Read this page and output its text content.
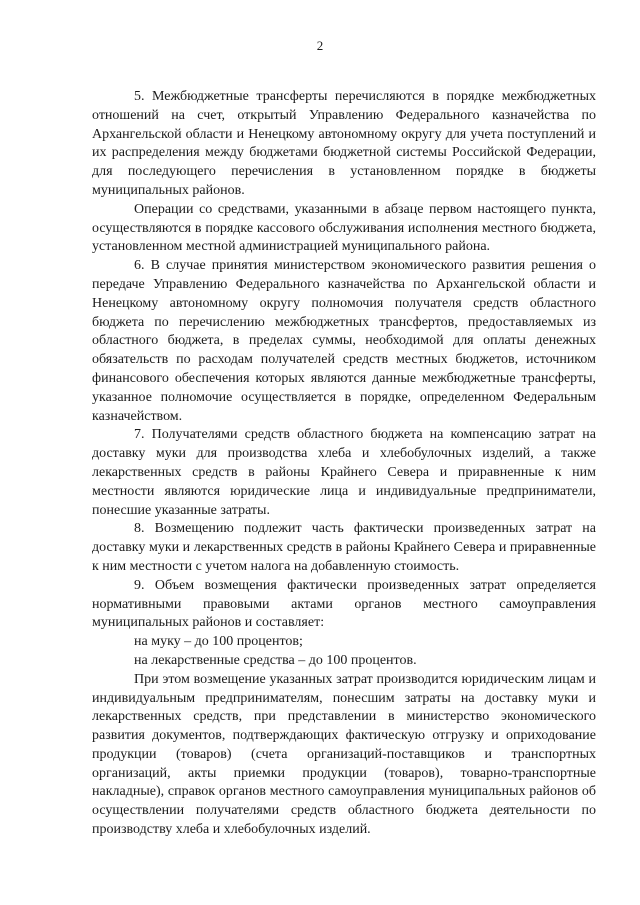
2

5. Межбюджетные трансферты перечисляются в порядке межбюджетных отношений на счет, открытый Управлению Федерального казначейства по Архангельской области и Ненецкому автономному округу для учета поступлений и их распределения между бюджетами бюджетной системы Российской Федерации, для последующего перечисления в установленном порядке в бюджеты муниципальных районов.

Операции со средствами, указанными в абзаце первом настоящего пункта, осуществляются в порядке кассового обслуживания исполнения местного бюджета, установленном местной администрацией муниципального района.

6. В случае принятия министерством экономического развития решения о передаче Управлению Федерального казначейства по Архангельской области и Ненецкому автономному округу полномочия получателя средств областного бюджета по перечислению межбюджетных трансфертов, предоставляемых из областного бюджета, в пределах суммы, необходимой для оплаты денежных обязательств по расходам получателей средств местных бюджетов, источником финансового обеспечения которых являются данные межбюджетные трансферты, указанное полномочие осуществляется в порядке, определенном Федеральным казначейством.

7. Получателями средств областного бюджета на компенсацию затрат на доставку муки для производства хлеба и хлебобулочных изделий, а также лекарственных средств в районы Крайнего Севера и приравненные к ним местности являются юридические лица и индивидуальные предприниматели, понесшие указанные затраты.

8. Возмещению подлежит часть фактически произведенных затрат на доставку муки и лекарственных средств в районы Крайнего Севера и приравненные к ним местности с учетом налога на добавленную стоимость.

9. Объем возмещения фактически произведенных затрат определяется нормативными правовыми актами органов местного самоуправления муниципальных районов и составляет:

на муку – до 100 процентов;

на лекарственные средства – до 100 процентов.

При этом возмещение указанных затрат производится юридическим лицам и индивидуальным предпринимателям, понесшим затраты на доставку муки и лекарственных средств, при представлении в министерство экономического развития документов, подтверждающих фактическую отгрузку и оприходование продукции (товаров) (счета организаций-поставщиков и транспортных организаций, акты приемки продукции (товаров), товарно-транспортные накладные), справок органов местного самоуправления муниципальных районов об осуществлении получателями средств областного бюджета деятельности по производству хлеба и хлебобулочных изделий.
